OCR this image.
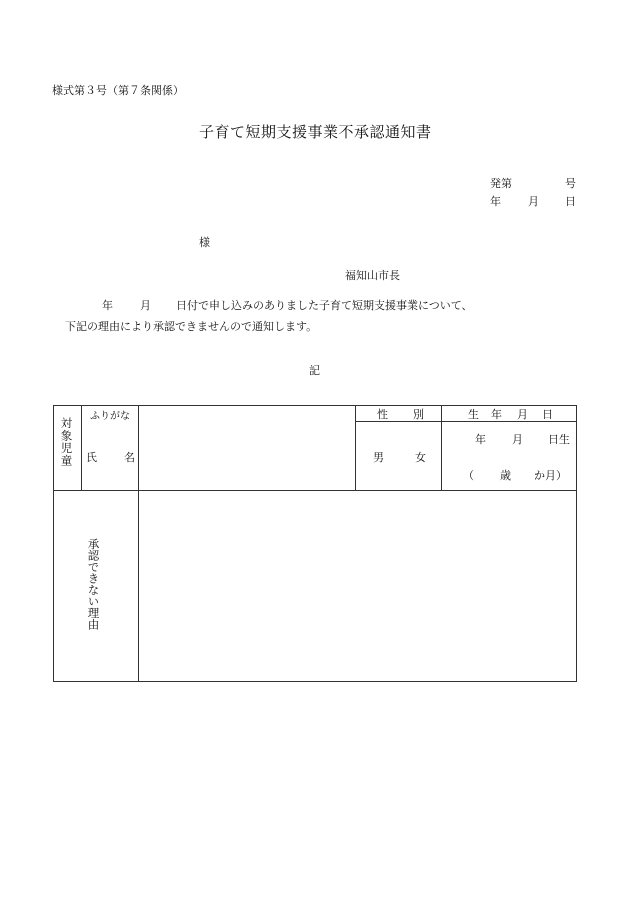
様式第３号（第７条関係）
子育て短期支援事業不承認通知書
発第	号
年 月 日
様
福知山市長
年 月 日付で申し込みのありました子育て短期支援事業について、
下記の理由により承認できませんので通知します。
記
対象児童
ふりがな
氏 名
性 別
男	女
生 年 月 日
年 月 日生
（ 歳 か月）
承認できない理由
